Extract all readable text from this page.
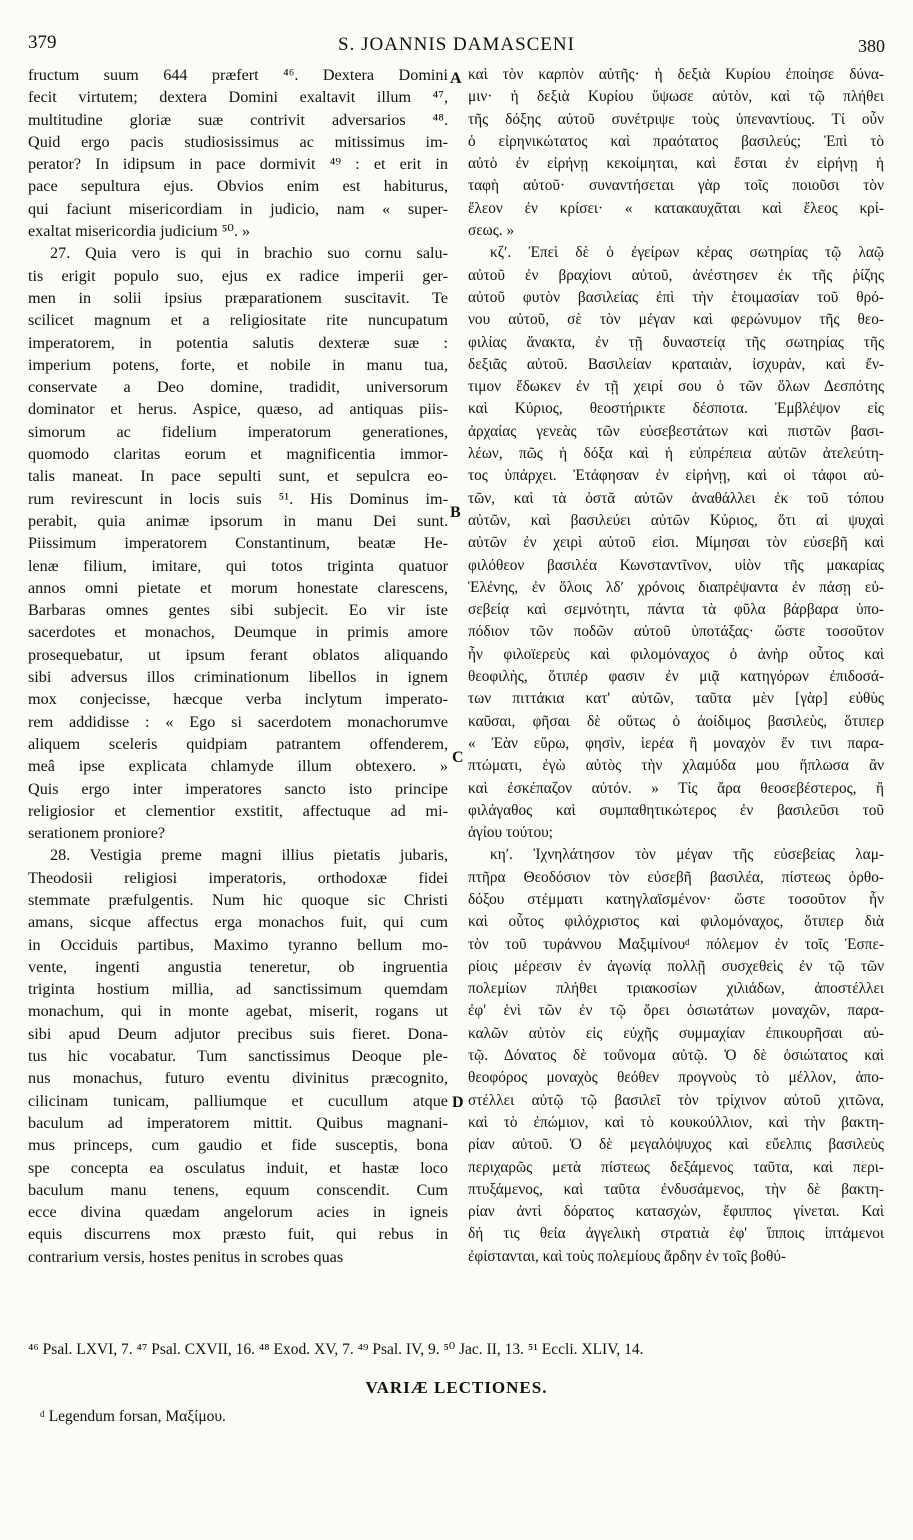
379	S. JOANNIS DAMASCENI	380
fructum suum 644 præfert ⁴⁶. Dextera Domini
fecit virtutem; dextera Domini exaltavit illum ⁴⁷,
multitudine gloriæ suæ contrivit adversarios ⁴⁸.
Quid ergo pacis studiosissimus ac mitissimus im-
perator? In idipsum in pace dormivit ⁴⁹ : et erit in
pace sepultura ejus. Obvios enim est habiturus,
qui faciunt misericordiam in judicio, nam « super-
exaltat misericordia judicium ⁵⁰. »
27. Quia vero is qui in brachio suo cornu salu-
tis erigit populo suo, ejus ex radice imperii ger-
men in solii ipsius præparationem suscitavit. Te
scilicet magnum et a religiositate rite nuncupatum
imperatorem, in potentia salutis dexteræ suæ :
imperium potens, forte, et nobile in manu tua,
conservate a Deo domine, tradidit, universorum
dominator et herus. Aspice, quæso, ad antiquas piis-
simorum ac fidelium imperatorum generationes,
quomodo claritas eorum et magnificentia immor-
talis maneat. In pace sepulti sunt, et sepulcra eo-
rum revirescunt in locis suis ⁵¹. His Dominus im-
perabit, quia animæ ipsorum in manu Dei sunt.
Piissimum imperatorem Constantinum, beatæ He-
lenæ filium, imitare, qui totos triginta quatuor
annos omni pietate et morum honestate clarescens,
Barbaras omnes gentes sibi subjecit. Eo vir iste
sacerdotes et monachos, Deumque in primis amore
prosequebatur, ut ipsum ferant oblatos aliquando
sibi adversus illos criminationum libellos in ignem
mox conjecisse, hæcque verba inclytum imperato-
rem addidisse : « Ego si sacerdotem monachorumve
aliquem sceleris quidpiam patrantem offenderem,
meâ ipse explicata chlamyde illum obtexero. »
Quis ergo inter imperatores sancto isto principe
religiosior et clementior exstitit, affectuque ad mi-
serationem proniore?
28. Vestigia preme magni illius pietatis jubaris,
Theodosii religiosi imperatoris, orthodoxæ fidei
stemmate præfulgentis. Num hic quoque sic Christi
amans, sicque affectus erga monachos fuit, qui cum
in Occiduis partibus, Maximo tyranno bellum mo-
vente, ingenti angustia teneretur, ob ingruentia
triginta hostium millia, ad sanctissimum quemdam
monachum, qui in monte agebat, miserit, rogans ut
sibi apud Deum adjutor precibus suis fieret. Dona-
tus hic vocabatur. Tum sanctissimus Deoque ple-
nus monachus, futuro eventu divinitus præcognito,
cilicinam tunicam, palliumque et cucullum atque
baculum ad imperatorem mittit. Quibus magnani-
mus princeps, cum gaudio et fide susceptis, bona
spe concepta ea osculatus induit, et hastæ loco
baculum manu tenens, equum conscendit. Cum
ecce divina quædam angelorum acies in igneis
equis discurrens mox præsto fuit, qui rebus in
contrarium versis, hostes penitus in scrobes quas
καὶ τὸν καρπὸν αὐτῆς· ἡ δεξιὰ Κυρίου ἐποίησε δύνα-
μιν· ἡ δεξιὰ Κυρίου ὕψωσε αὐτὸν, καὶ τῷ πλήθει
τῆς δόξης αὐτοῦ συνέτριψε τοὺς ὑπεναντίους. Τί οὖν
ὁ εἰρηνικώτατος καὶ πραότατος βασιλεύς; Ἐπὶ τὸ
αὐτὸ ἐν εἰρήνῃ κεκοίμηται, καὶ ἔσται ἐν εἰρήνῃ ἡ
ταφὴ αὐτοῦ· συναντήσεται γὰρ τοῖς ποιοῦσι τὸν
ἔλεον ἐν κρίσει· « κατακαυχᾶται καὶ ἔλεος κρί-
σεως. »
κζʹ. Ἐπεὶ δὲ ὁ ἐγείρων κέρας σωτηρίας τῷ λαῷ
αὐτοῦ ἐν βραχίονι αὐτοῦ, ἀνέστησεν ἐκ τῆς ῥίζης
αὐτοῦ φυτὸν βασιλείας ἐπὶ τὴν ἑτοιμασίαν τοῦ θρό-
νου αὐτοῦ, σὲ τὸν μέγαν καὶ φερώνυμον τῆς θεο-
φιλίας ἄνακτα, ἐν τῇ δυναστείᾳ τῆς σωτηρίας τῆς
δεξιᾶς αὐτοῦ. Βασιλείαν κραταιὰν, ἰσχυρὰν, καὶ ἔν-
τιμον ἔδωκεν ἐν τῇ χειρί σου ὁ τῶν ὅλων Δεσπότης
καὶ Κύριος, θεοστήρικτε δέσποτα. Ἐμβλέψον εἰς
ἀρχαίας γενεὰς τῶν εὐσεβεστάτων καὶ πιστῶν βασι-
λέων, πῶς ἡ δόξα καὶ ἡ εὐπρέπεια αὐτῶν ἀτελεύτη-
τος ὑπάρχει. Ἐτάφησαν ἐν εἰρήνῃ, καὶ οἱ τάφοι αὐ-
τῶν, καὶ τὰ ὀστᾶ αὐτῶν ἀναθάλλει ἐκ τοῦ τόπου
αὐτῶν, καὶ βασιλεύει αὐτῶν Κύριος, ὅτι αἱ ψυχαὶ
αὐτῶν ἐν χειρὶ αὐτοῦ εἰσι. Μίμησαι τὸν εὐσεβῆ καὶ
φιλόθεον βασιλέα Κωνσταντῖνον, υἱὸν τῆς μακαρίας
Ἑλένης, ἐν ὅλοις λδʹ χρόνοις διαπρέψαντα ἐν πάσῃ εὐ-
σεβείᾳ καὶ σεμνότητι, πάντα τὰ φῦλα βάρβαρα ὑπο-
πόδιον τῶν ποδῶν αὐτοῦ ὑποτάξας· ὥστε τοσοῦτον
ἦν φιλοϊερεὺς καὶ φιλομόναχος ὁ ἀνὴρ οὗτος καὶ
θεοφιλὴς, ὅτιπέρ φασιν ἐν μιᾷ κατηγόρων ἐπιδοσά-
των πιττάκια κατ' αὐτῶν, ταῦτα μὲν [γὰρ] εὐθὺς
καῦσαι, φῆσαι δὲ οὕτως ὁ ἀοίδιμος βασιλεὺς, ὅτιπερ
« Ἐὰν εὕρω, φησὶν, ἱερέα ἢ μοναχὸν ἔν τινι παρα-
πτώματι, ἐγὼ αὐτὸς τὴν χλαμύδα μου ἥπλωσα ἂν
καὶ ἐσκέπαζον αὐτόν. » Τίς ἄρα θεοσεβέστερος, ἢ
φιλάγαθος καὶ συμπαθητικώτερος ἐν βασιλεῦσι τοῦ
ἁγίου τούτου;
κηʹ. Ἰχνηλάτησον τὸν μέγαν τῆς εὐσεβείας λαμ-
πτῆρα Θεοδόσιον τὸν εὐσεβῆ βασιλέα, πίστεως ὀρθο-
δόξου στέμματι κατηγλαϊσμένον· ὥστε τοσοῦτον ἦν
καὶ οὗτος φιλόχριστος καὶ φιλομόναχος, ὅτιπερ διὰ
τὸν τοῦ τυράννου Μαξιμίνουᵈ πόλεμον ἐν τοῖς Ἑσπε-
ρίοις μέρεσιν ἐν ἀγωνίᾳ πολλῇ συσχεθεὶς ἐν τῷ τῶν
πολεμίων πλήθει τριακοσίων χιλιάδων, ἀποστέλλει
ἐφ' ἑνὶ τῶν ἐν τῷ ὄρει ὁσιωτάτων μοναχῶν, παρα-
καλῶν αὐτὸν εἰς εὐχῆς συμμαχίαν ἐπικουρῆσαι αὐ-
τῷ. Δόνατος δὲ τοὔνομα αὐτῷ. Ὁ δὲ ὁσιώτατος καὶ
θεοφόρος μοναχὸς θεόθεν προγνοὺς τὸ μέλλον, ἀπο-
στέλλει αὐτῷ τῷ βασιλεῖ τὸν τρίχινον αὐτοῦ χιτῶνα,
καὶ τὸ ἐπώμιον, καὶ τὸ κουκούλλιον, καὶ τὴν βακτη-
ρίαν αὐτοῦ. Ὁ δὲ μεγαλόψυχος καὶ εὔελπις βασιλεὺς
περιχαρῶς μετὰ πίστεως δεξάμενος ταῦτα, καὶ περι-
πτυξάμενος, καὶ ταῦτα ἐνδυσάμενος, τὴν δὲ βακτη-
ρίαν ἀντὶ δόρατος κατασχὼν, ἔφιππος γίνεται. Καὶ
δή τις θεία ἀγγελικὴ στρατιὰ ἐφ' ἵπποις ἱπτάμενοι
ἐφίστανται, καὶ τοὺς πολεμίους ἄρδην ἐν τοῖς βοθύ-
A
B
C
D
⁴⁶ Psal. LXVI, 7. ⁴⁷ Psal. CXVII, 16. ⁴⁸ Exod. XV, 7. ⁴⁹ Psal. IV, 9. ⁵⁰ Jac. II, 13. ⁵¹ Eccli. XLIV, 14.
VARIÆ LECTIONES.
ᵈ Legendum forsan, Μαξίμου.
